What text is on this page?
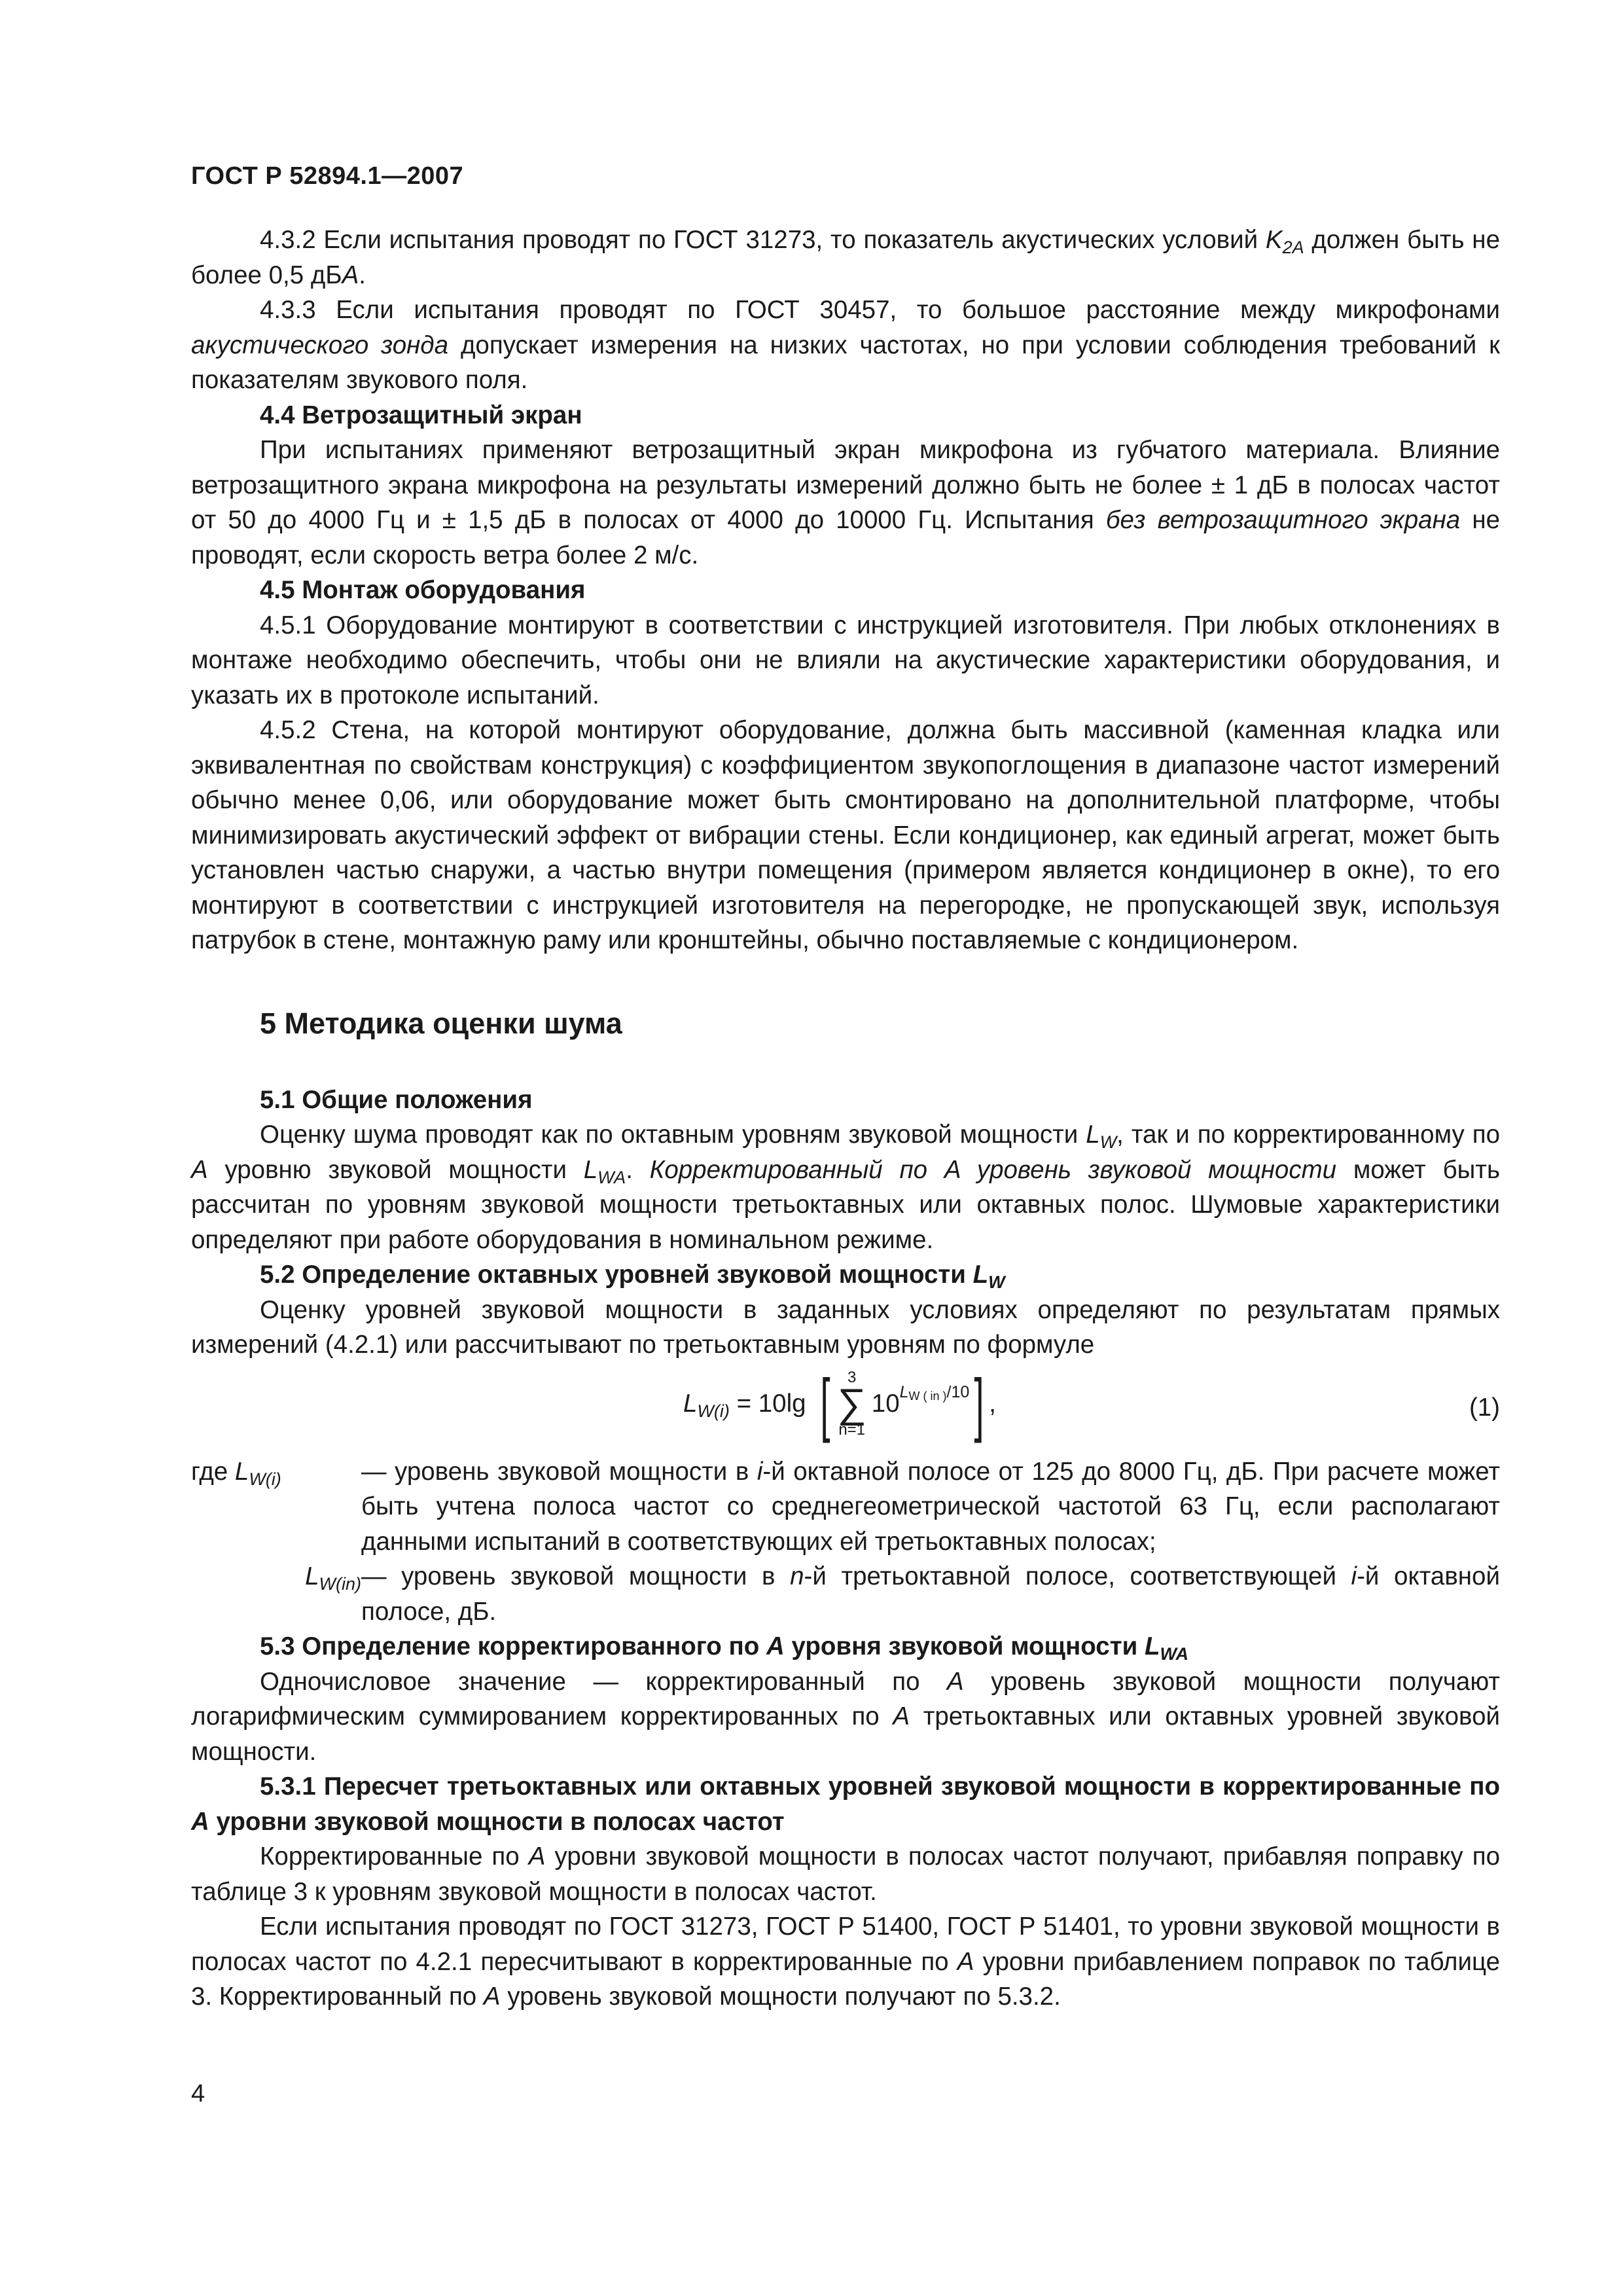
ГОСТ Р 52894.1—2007

4.3.2 Если испытания проводят по ГОСТ 31273, то показатель акустических условий $K_{2A}$ должен быть не более 0,5 дБA.

4.3.3 Если испытания проводят по ГОСТ 30457, то большое расстояние между микрофонами акустического зонда допускает измерения на низких частотах, но при условии соблюдения требований к показателям звукового поля.

4.4 Ветрозащитный экран

При испытаниях применяют ветрозащитный экран микрофона из губчатого материала. Влияние ветрозащитного экрана микрофона на результаты измерений должно быть не более ± 1 дБ в полосах частот от 50 до 4000 Гц и ± 1,5 дБ в полосах от 4000 до 10000 Гц. Испытания без ветрозащитного экрана не проводят, если скорость ветра более 2 м/с.

4.5 Монтаж оборудования

4.5.1 Оборудование монтируют в соответствии с инструкцией изготовителя. При любых отклонениях в монтаже необходимо обеспечить, чтобы они не влияли на акустические характеристики оборудования, и указать их в протоколе испытаний.

4.5.2 Стена, на которой монтируют оборудование, должна быть массивной (каменная кладка или эквивалентная по свойствам конструкция) с коэффициентом звукопоглощения в диапазоне частот измерений обычно менее 0,06, или оборудование может быть смонтировано на дополнительной платформе, чтобы минимизировать акустический эффект от вибрации стены. Если кондиционер, как единый агрегат, может быть установлен частью снаружи, а частью внутри помещения (примером является кондиционер в окне), то его монтируют в соответствии с инструкцией изготовителя на перегородке, не пропускающей звук, используя патрубок в стене, монтажную раму или кронштейны, обычно поставляемые с кондиционером.

5 Методика оценки шума
5.1 Общие положения

Оценку шума проводят как по октавным уровням звуковой мощности $L_W$, так и по корректированному по A уровню звуковой мощности $L_{WA}$. Корректированный по A уровень звуковой мощности может быть рассчитан по уровням звуковой мощности третьоктавных или октавных полос. Шумовые характеристики определяют при работе оборудования в номинальном режиме.

5.2 Определение октавных уровней звуковой мощности $L_W$

Оценку уровней звуковой мощности в заданных условиях определяют по результатам прямых измерений (4.2.1) или рассчитывают по третьоктавным уровням по формуле

$L_{W(i)} = 10\lg$ [ 3
∑
n=1
$10^{LW ( in )/10}$ ] ,	(1)
где $L_{W(i)}$	— уровень звуковой мощности в i-й октавной полосе от 125 до 8000 Гц, дБ. При расчете может быть учтена полоса частот со среднегеометрической частотой 63 Гц, если располагают данными испытаний в соответствующих ей третьоктавных полосах;
$L_{W(in)}$ — уровень звуковой мощности в n-й третьоктавной полосе, соответствующей i-й октавной полосе, дБ.
5.3 Определение корректированного по A уровня звуковой мощности $L_{WA}$

Одночисловое значение — корректированный по A уровень звуковой мощности получают логарифмическим суммированием корректированных по A третьоктавных или октавных уровней звуковой мощности.

5.3.1 Пересчет третьоктавных или октавных уровней звуковой мощности в корректированные по A уровни звуковой мощности в полосах частот

Корректированные по A уровни звуковой мощности в полосах частот получают, прибавляя поправку по таблице 3 к уровням звуковой мощности в полосах частот.

Если испытания проводят по ГОСТ 31273, ГОСТ Р 51400, ГОСТ Р 51401, то уровни звуковой мощности в полосах частот по 4.2.1 пересчитывают в корректированные по A уровни прибавлением поправок по таблице 3. Корректированный по A уровень звуковой мощности получают по 5.3.2.

4
